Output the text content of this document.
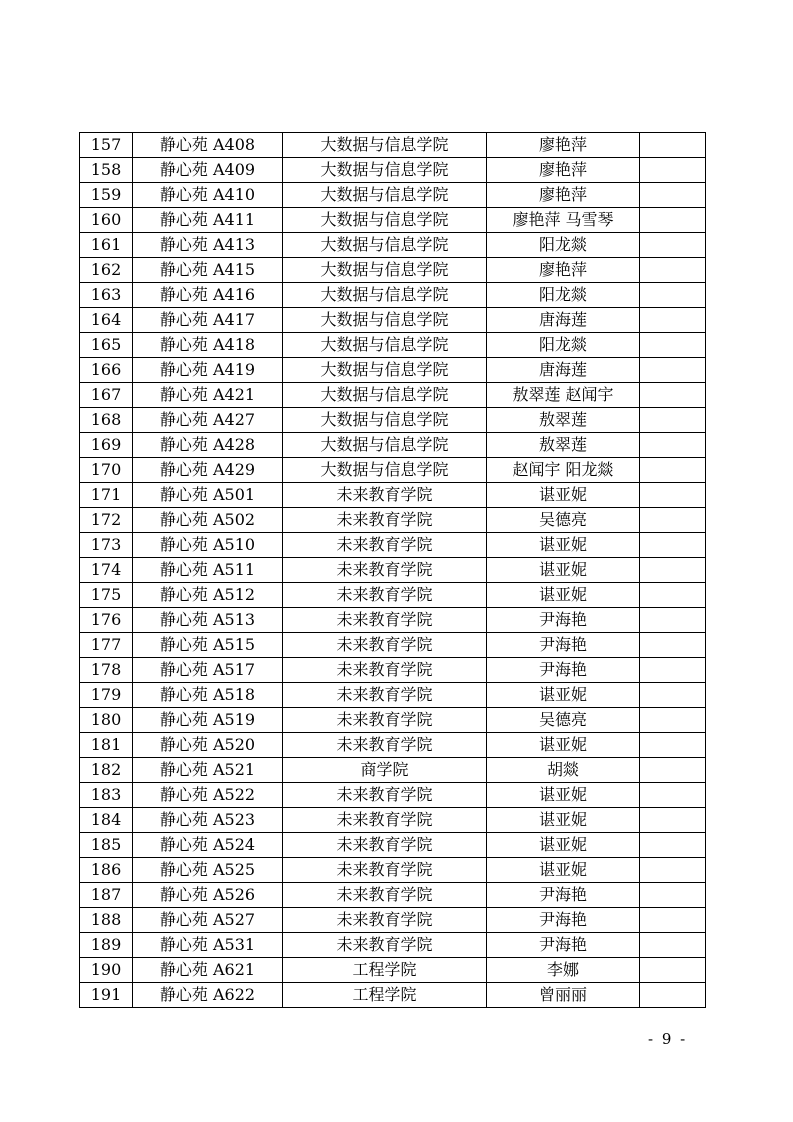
157	静心苑 A408	大数据与信息学院	廖艳萍	
158	静心苑 A409	大数据与信息学院	廖艳萍	
159	静心苑 A410	大数据与信息学院	廖艳萍	
160	静心苑 A411	大数据与信息学院	廖艳萍 马雪琴	
161	静心苑 A413	大数据与信息学院	阳龙燚	
162	静心苑 A415	大数据与信息学院	廖艳萍	
163	静心苑 A416	大数据与信息学院	阳龙燚	
164	静心苑 A417	大数据与信息学院	唐海莲	
165	静心苑 A418	大数据与信息学院	阳龙燚	
166	静心苑 A419	大数据与信息学院	唐海莲	
167	静心苑 A421	大数据与信息学院	敖翠莲 赵闻宇	
168	静心苑 A427	大数据与信息学院	敖翠莲	
169	静心苑 A428	大数据与信息学院	敖翠莲	
170	静心苑 A429	大数据与信息学院	赵闻宇 阳龙燚	
171	静心苑 A501	未来教育学院	谌亚妮	
172	静心苑 A502	未来教育学院	吴德亮	
173	静心苑 A510	未来教育学院	谌亚妮	
174	静心苑 A511	未来教育学院	谌亚妮	
175	静心苑 A512	未来教育学院	谌亚妮	
176	静心苑 A513	未来教育学院	尹海艳	
177	静心苑 A515	未来教育学院	尹海艳	
178	静心苑 A517	未来教育学院	尹海艳	
179	静心苑 A518	未来教育学院	谌亚妮	
180	静心苑 A519	未来教育学院	吴德亮	
181	静心苑 A520	未来教育学院	谌亚妮	
182	静心苑 A521	商学院	胡燚	
183	静心苑 A522	未来教育学院	谌亚妮	
184	静心苑 A523	未来教育学院	谌亚妮	
185	静心苑 A524	未来教育学院	谌亚妮	
186	静心苑 A525	未来教育学院	谌亚妮	
187	静心苑 A526	未来教育学院	尹海艳	
188	静心苑 A527	未来教育学院	尹海艳	
189	静心苑 A531	未来教育学院	尹海艳	
190	静心苑 A621	工程学院	李娜	
191	静心苑 A622	工程学院	曾丽丽	
- 9 -
